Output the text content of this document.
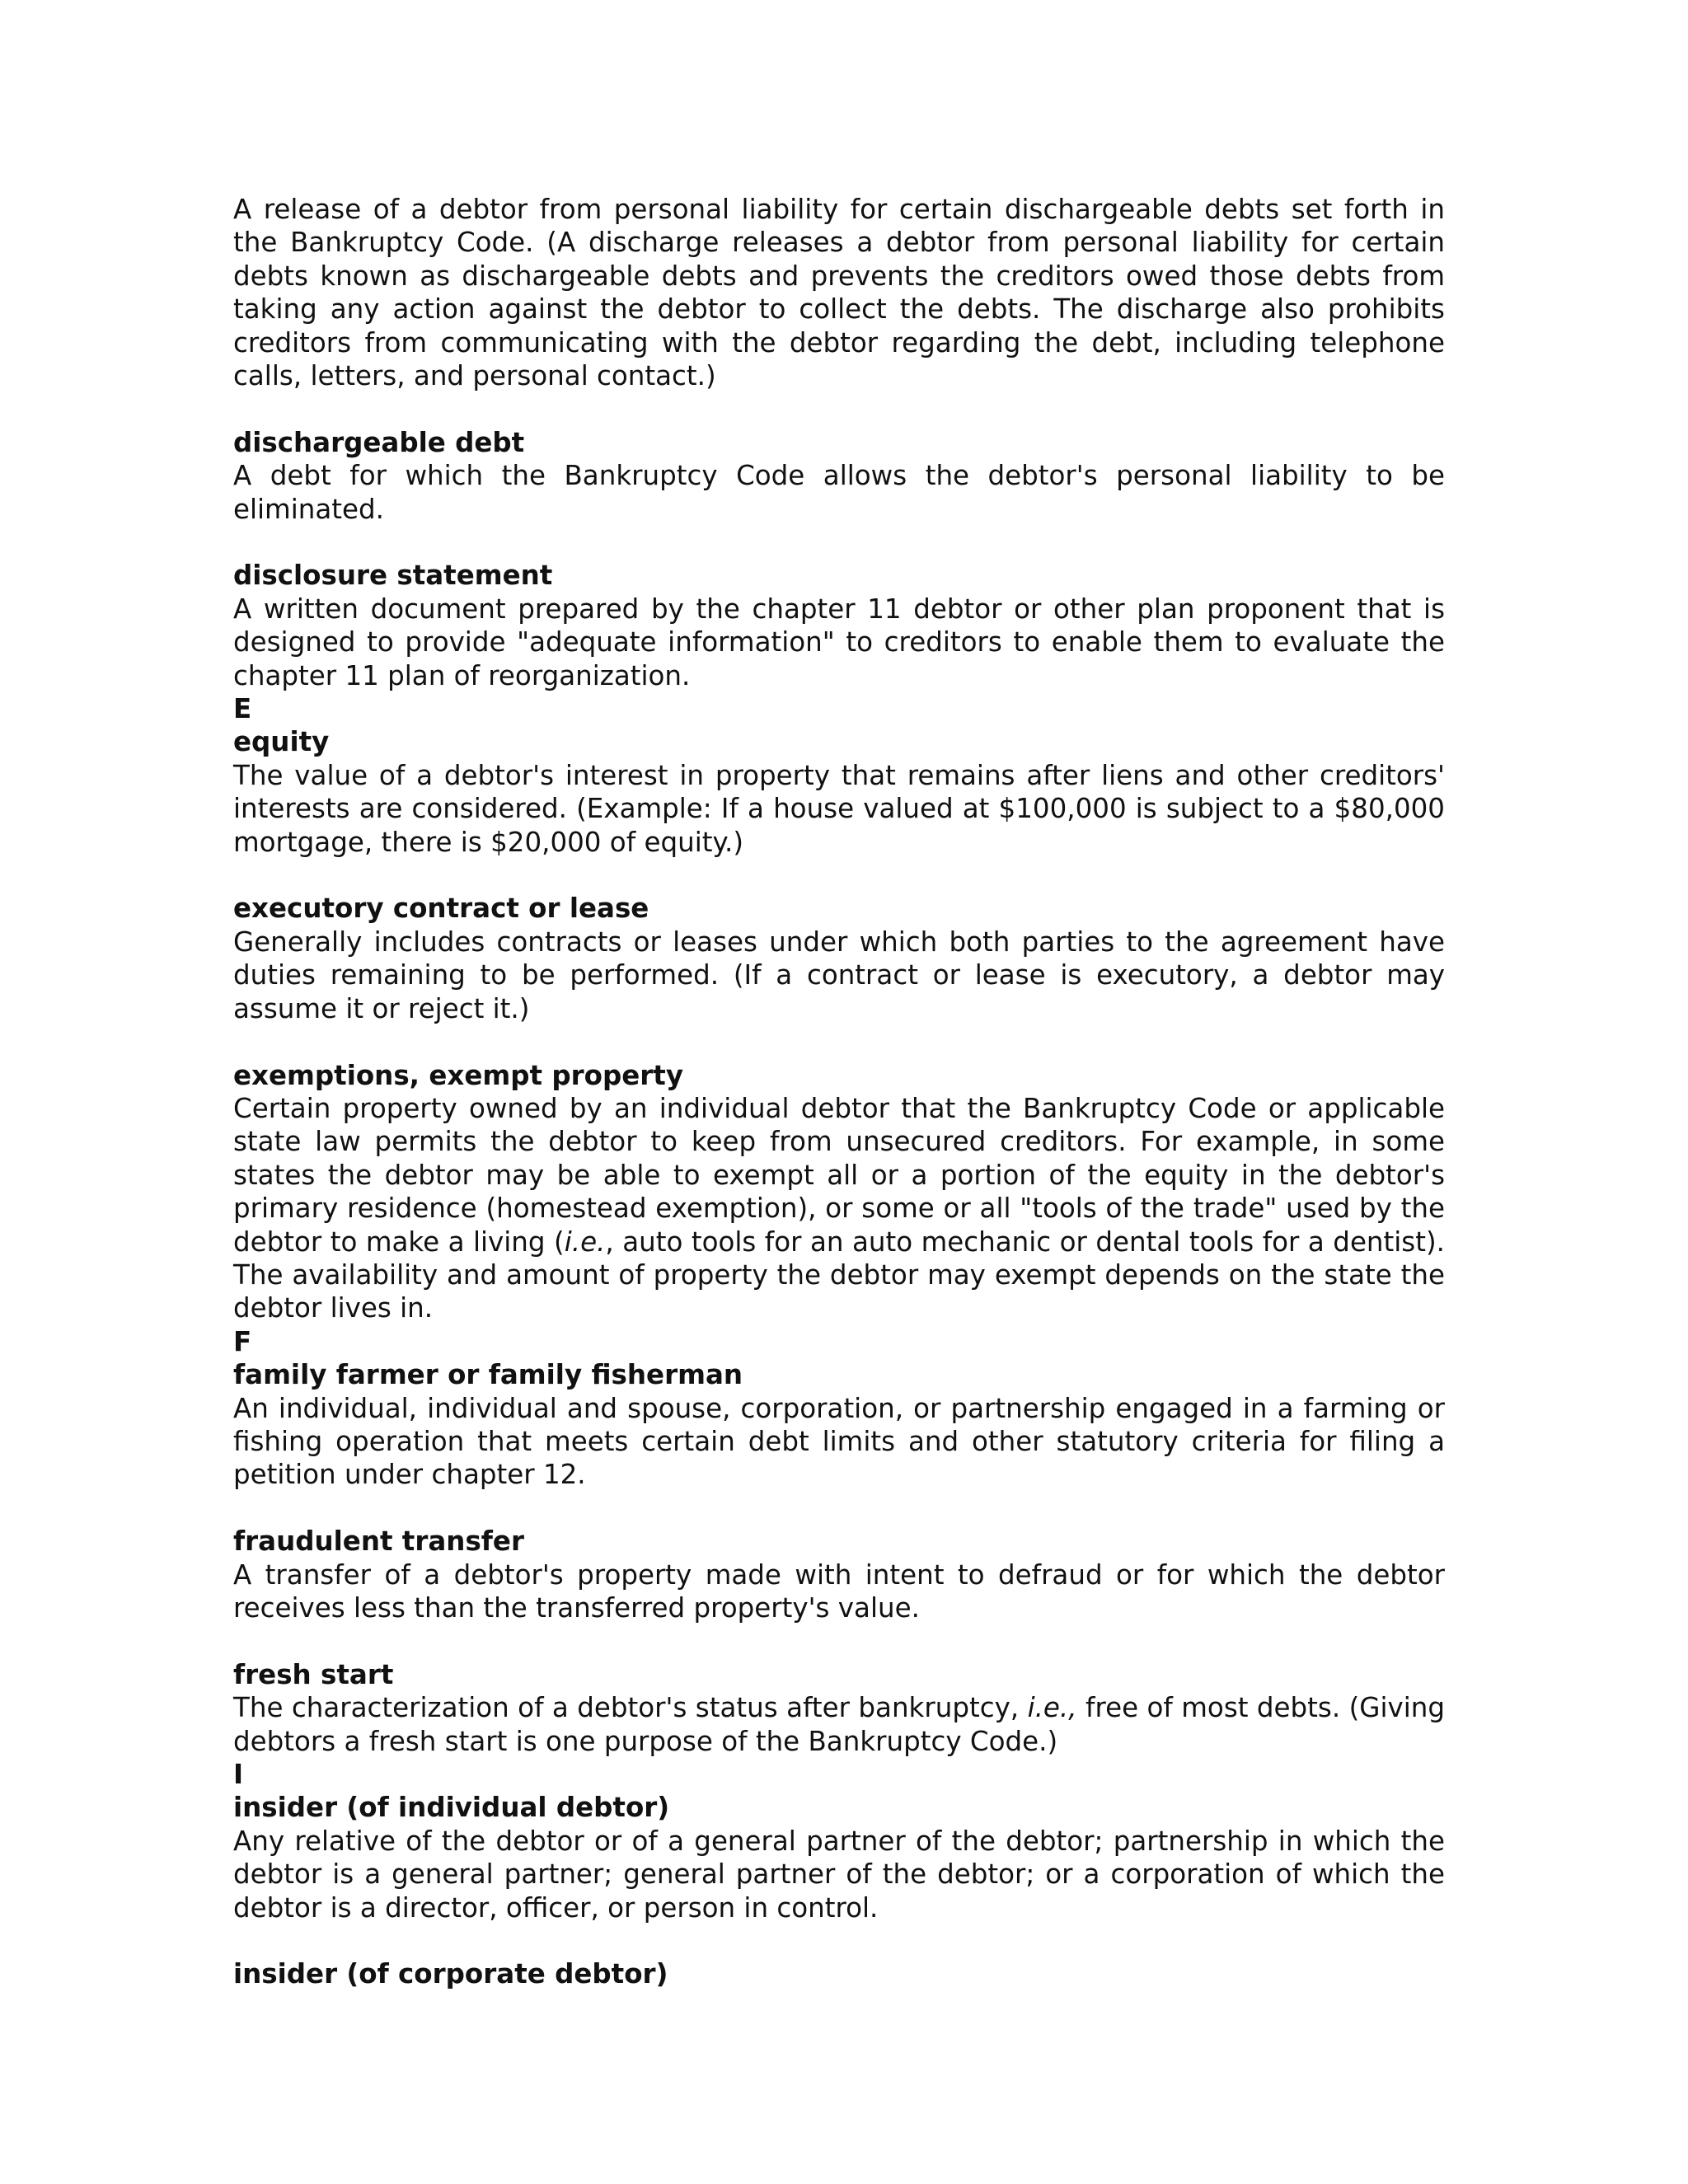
A release of a debtor from personal liability for certain dischargeable debts set forth in the Bankruptcy Code. (A discharge releases a debtor from personal liability for certain debts known as dischargeable debts and prevents the creditors owed those debts from taking any action against the debtor to collect the debts. The discharge also prohibits creditors from communicating with the debtor regarding the debt, including telephone calls, letters, and personal contact.)

dischargeable debt

A debt for which the Bankruptcy Code allows the debtor's personal liability to be eliminated.

disclosure statement

A written document prepared by the chapter 11 debtor or other plan proponent that is designed to provide "adequate information" to creditors to enable them to evaluate the chapter 11 plan of reorganization.

E

equity

The value of a debtor's interest in property that remains after liens and other creditors' interests are considered. (Example: If a house valued at $100,000 is subject to a $80,000 mortgage, there is $20,000 of equity.)

executory contract or lease

Generally includes contracts or leases under which both parties to the agreement have duties remaining to be performed. (If a contract or lease is executory, a debtor may assume it or reject it.)

exemptions, exempt property

Certain property owned by an individual debtor that the Bankruptcy Code or applicable state law permits the debtor to keep from unsecured creditors. For example, in some states the debtor may be able to exempt all or a portion of the equity in the debtor's primary residence (homestead exemption), or some or all "tools of the trade" used by the debtor to make a living (i.e., auto tools for an auto mechanic or dental tools for a dentist). The availability and amount of property the debtor may exempt depends on the state the debtor lives in.

F

family farmer or family fisherman

An individual, individual and spouse, corporation, or partnership engaged in a farming or fishing operation that meets certain debt limits and other statutory criteria for filing a petition under chapter 12.

fraudulent transfer

A transfer of a debtor's property made with intent to defraud or for which the debtor receives less than the transferred property's value.

fresh start

The characterization of a debtor's status after bankruptcy, i.e., free of most debts. (Giving debtors a fresh start is one purpose of the Bankruptcy Code.)

I

insider (of individual debtor)

Any relative of the debtor or of a general partner of the debtor; partnership in which the debtor is a general partner; general partner of the debtor; or a corporation of which the debtor is a director, officer, or person in control.

insider (of corporate debtor)
